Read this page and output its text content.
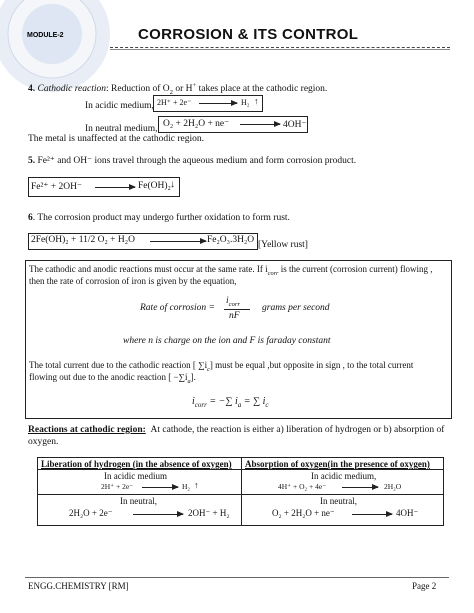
MODULE-2	CORROSION & ITS CONTROL
4. Cathodic reaction: Reduction of $O_2$ or H+ takes place at the cathodic region.
In acidic medium, 2H⁺ + 2e⁻	H₂ ↑
In neutral medium, O₂ + 2H₂O + ne⁻	4OH⁻
The metal is unaffected at the cathodic region.
5. Fe²⁺ and OH⁻ ions travel through the aqueous medium and form corrosion product.
Fe²⁺ + 2OH⁻	Fe(OH)₂ ↓
6. The corrosion product may undergo further oxidation to form rust.
2Fe(OH)₂ + 11/2 O₂ + H₂O	Fe₂O₃.3H₂O [Yellow rust]
The cathodic and anodic reactions must occur at the same rate. If $i_{corr}$ is the current (corrosion current) flowing ,
then the rate of corrosion of iron is given by the equation,
Rate of corrosion =
$i_{corr}$
nF
grams per second
where n is charge on the ion and F is faraday constant
The total current due to the cathodic reaction [ $\sum i_c$] must be equal ,but opposite in sign , to the total current
flowing out due to the anodic reaction [ $-\sum i_a$].
$i_{corr}$ = −∑ $i_a$ = ∑ $i_c$
Reactions at cathodic region: At cathode, the reaction is either a) liberation of hydrogen or b) absorption of
oxygen.
Liberation of hydrogen (in the absence of oxygen) Absorption of oxygen(in the presence of oxygen)
In acidic medium
2H⁺ + 2e⁻	H₂ ↑
In acidic medium,
4H⁺ + O₂ + 4e⁻	2H₂O
In neutral,
2H₂O + 2e⁻	2OH⁻ + H₂
In neutral,
O₂ + 2H₂O + ne⁻	4OH⁻
ENGG.CHEMISTRY [RM]	Page 2
